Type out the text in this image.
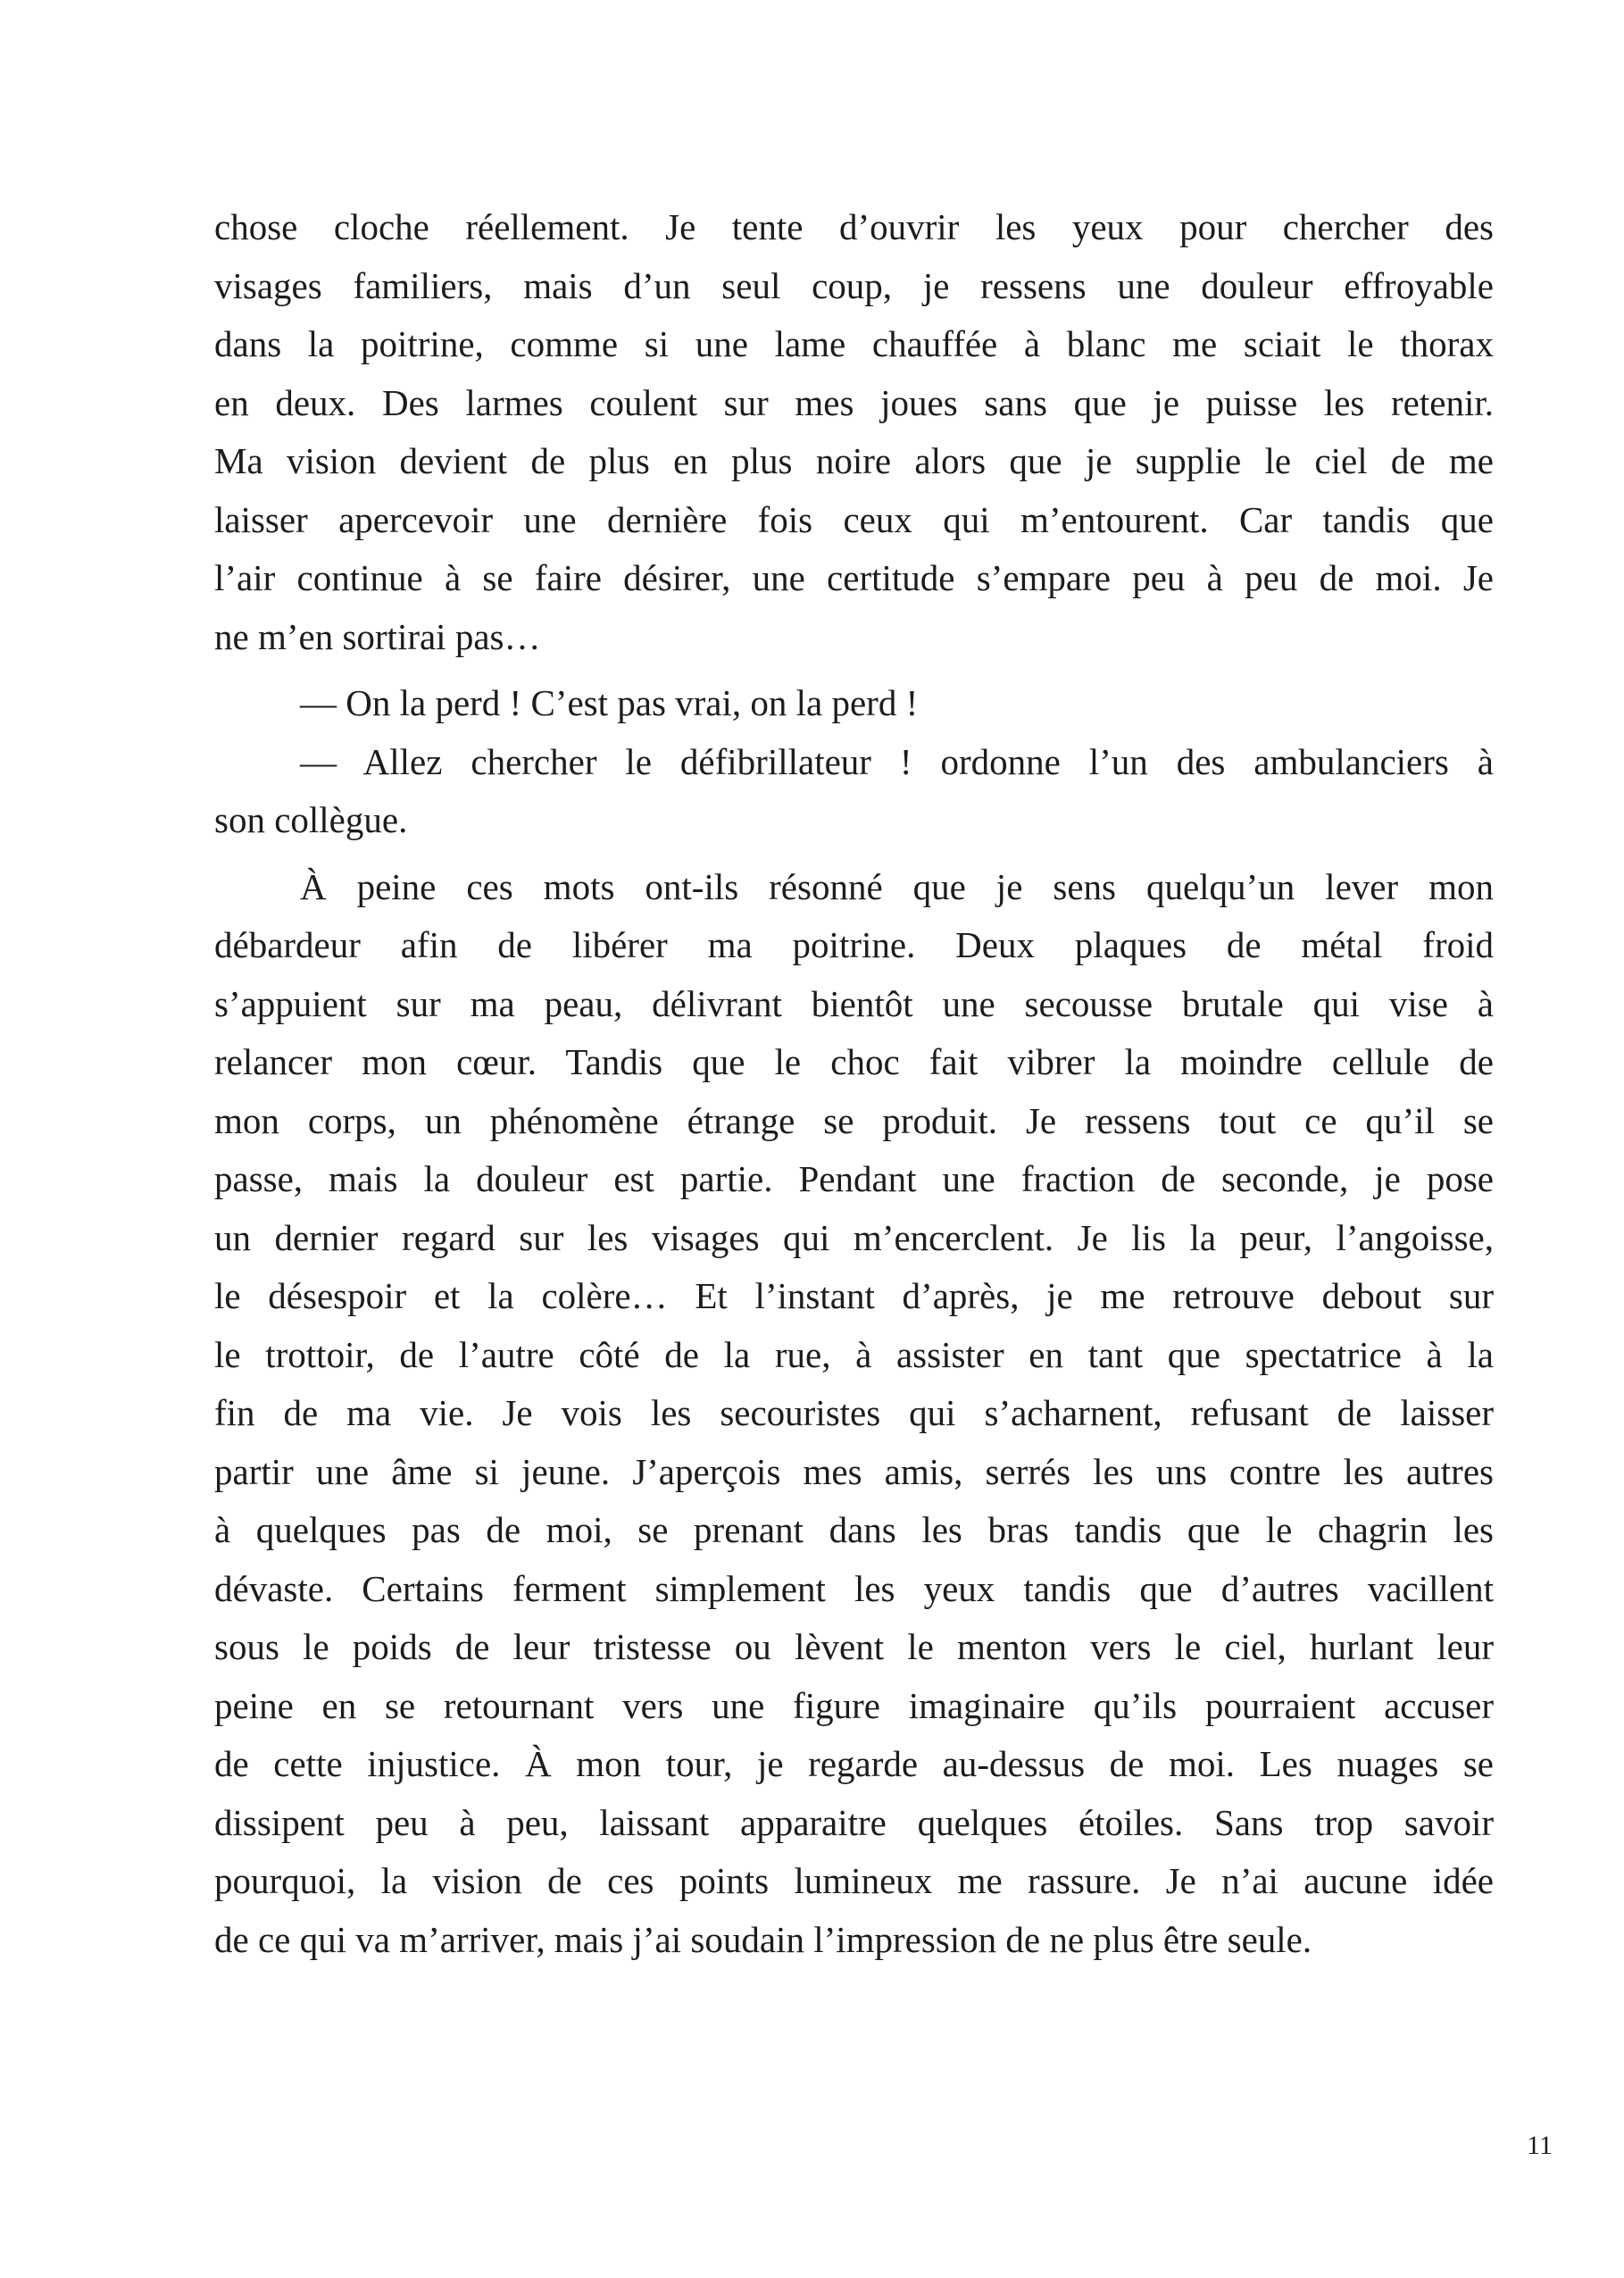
chose cloche réellement. Je tente d’ouvrir les yeux pour chercher des
visages familiers, mais d’un seul coup, je ressens une douleur effroyable
dans la poitrine, comme si une lame chauffée à blanc me sciait le thorax
en deux. Des larmes coulent sur mes joues sans que je puisse les retenir.
Ma vision devient de plus en plus noire alors que je supplie le ciel de me
laisser apercevoir une dernière fois ceux qui m’entourent. Car tandis que
l’air continue à se faire désirer, une certitude s’empare peu à peu de moi. Je
ne m’en sortirai pas…
— On la perd ! C’est pas vrai, on la perd !
— Allez chercher le défibrillateur ! ordonne l’un des ambulanciers à
son collègue.
À peine ces mots ont-ils résonné que je sens quelqu’un lever mon
débardeur afin de libérer ma poitrine. Deux plaques de métal froid
s’appuient sur ma peau, délivrant bientôt une secousse brutale qui vise à
relancer mon cœur. Tandis que le choc fait vibrer la moindre cellule de
mon corps, un phénomène étrange se produit. Je ressens tout ce qu’il se
passe, mais la douleur est partie. Pendant une fraction de seconde, je pose
un dernier regard sur les visages qui m’encerclent. Je lis la peur, l’angoisse,
le désespoir et la colère… Et l’instant d’après, je me retrouve debout sur
le trottoir, de l’autre côté de la rue, à assister en tant que spectatrice à la
fin de ma vie. Je vois les secouristes qui s’acharnent, refusant de laisser
partir une âme si jeune. J’aperçois mes amis, serrés les uns contre les autres
à quelques pas de moi, se prenant dans les bras tandis que le chagrin les
dévaste. Certains ferment simplement les yeux tandis que d’autres vacillent
sous le poids de leur tristesse ou lèvent le menton vers le ciel, hurlant leur
peine en se retournant vers une figure imaginaire qu’ils pourraient accuser
de cette injustice. À mon tour, je regarde au-dessus de moi. Les nuages se
dissipent peu à peu, laissant apparaitre quelques étoiles. Sans trop savoir
pourquoi, la vision de ces points lumineux me rassure. Je n’ai aucune idée
de ce qui va m’arriver, mais j’ai soudain l’impression de ne plus être seule.
11
